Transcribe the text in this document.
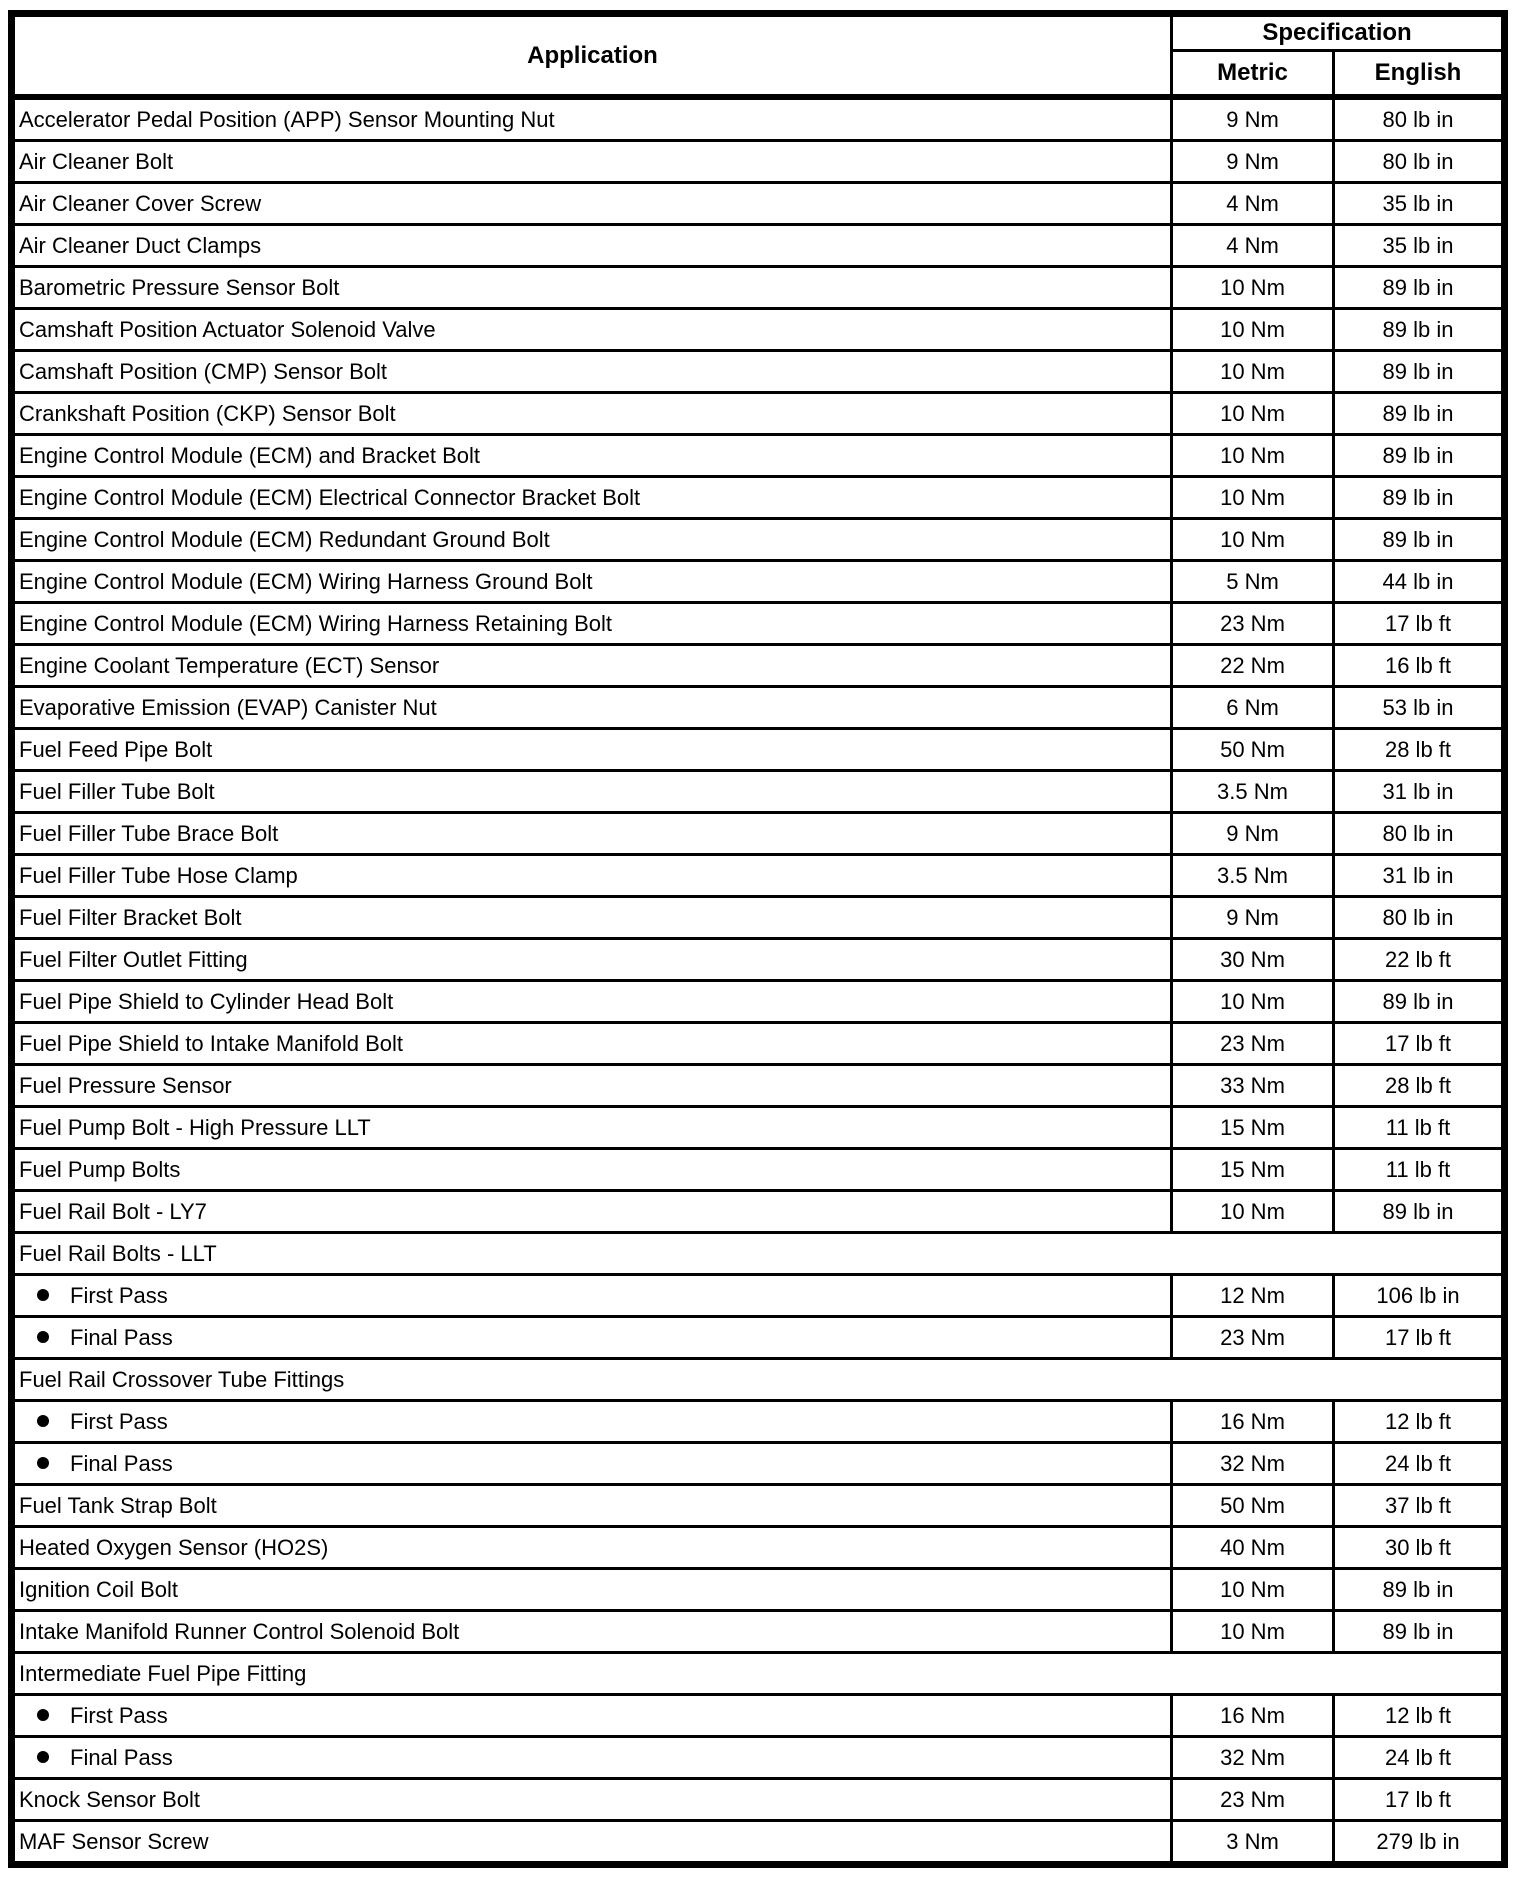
Application	Specification	
	Metric	English
Accelerator Pedal Position (APP) Sensor Mounting Nut	9 Nm	80 lb in
Air Cleaner Bolt	9 Nm	80 lb in
Air Cleaner Cover Screw	4 Nm	35 lb in
Air Cleaner Duct Clamps	4 Nm	35 lb in
Barometric Pressure Sensor Bolt	10 Nm	89 lb in
Camshaft Position Actuator Solenoid Valve	10 Nm	89 lb in
Camshaft Position (CMP) Sensor Bolt	10 Nm	89 lb in
Crankshaft Position (CKP) Sensor Bolt	10 Nm	89 lb in
Engine Control Module (ECM) and Bracket Bolt	10 Nm	89 lb in
Engine Control Module (ECM) Electrical Connector Bracket Bolt	10 Nm	89 lb in
Engine Control Module (ECM) Redundant Ground Bolt	10 Nm	89 lb in
Engine Control Module (ECM) Wiring Harness Ground Bolt	5 Nm	44 lb in
Engine Control Module (ECM) Wiring Harness Retaining Bolt	23 Nm	17 lb ft
Engine Coolant Temperature (ECT) Sensor	22 Nm	16 lb ft
Evaporative Emission (EVAP) Canister Nut	6 Nm	53 lb in
Fuel Feed Pipe Bolt	50 Nm	28 lb ft
Fuel Filler Tube Bolt	3.5 Nm	31 lb in
Fuel Filler Tube Brace Bolt	9 Nm	80 lb in
Fuel Filler Tube Hose Clamp	3.5 Nm	31 lb in
Fuel Filter Bracket Bolt	9 Nm	80 lb in
Fuel Filter Outlet Fitting	30 Nm	22 lb ft
Fuel Pipe Shield to Cylinder Head Bolt	10 Nm	89 lb in
Fuel Pipe Shield to Intake Manifold Bolt	23 Nm	17 lb ft
Fuel Pressure Sensor	33 Nm	28 lb ft
Fuel Pump Bolt - High Pressure LLT	15 Nm	11 lb ft
Fuel Pump Bolts	15 Nm	11 lb ft
Fuel Rail Bolt - LY7	10 Nm	89 lb in
Fuel Rail Bolts - LLT		
First Pass	12 Nm	106 lb in
Final Pass	23 Nm	17 lb ft
Fuel Rail Crossover Tube Fittings		
First Pass	16 Nm	12 lb ft
Final Pass	32 Nm	24 lb ft
Fuel Tank Strap Bolt	50 Nm	37 lb ft
Heated Oxygen Sensor (HO2S)	40 Nm	30 lb ft
Ignition Coil Bolt	10 Nm	89 lb in
Intake Manifold Runner Control Solenoid Bolt	10 Nm	89 lb in
Intermediate Fuel Pipe Fitting		
First Pass	16 Nm	12 lb ft
Final Pass	32 Nm	24 lb ft
Knock Sensor Bolt	23 Nm	17 lb ft
MAF Sensor Screw	3 Nm	279 lb in
